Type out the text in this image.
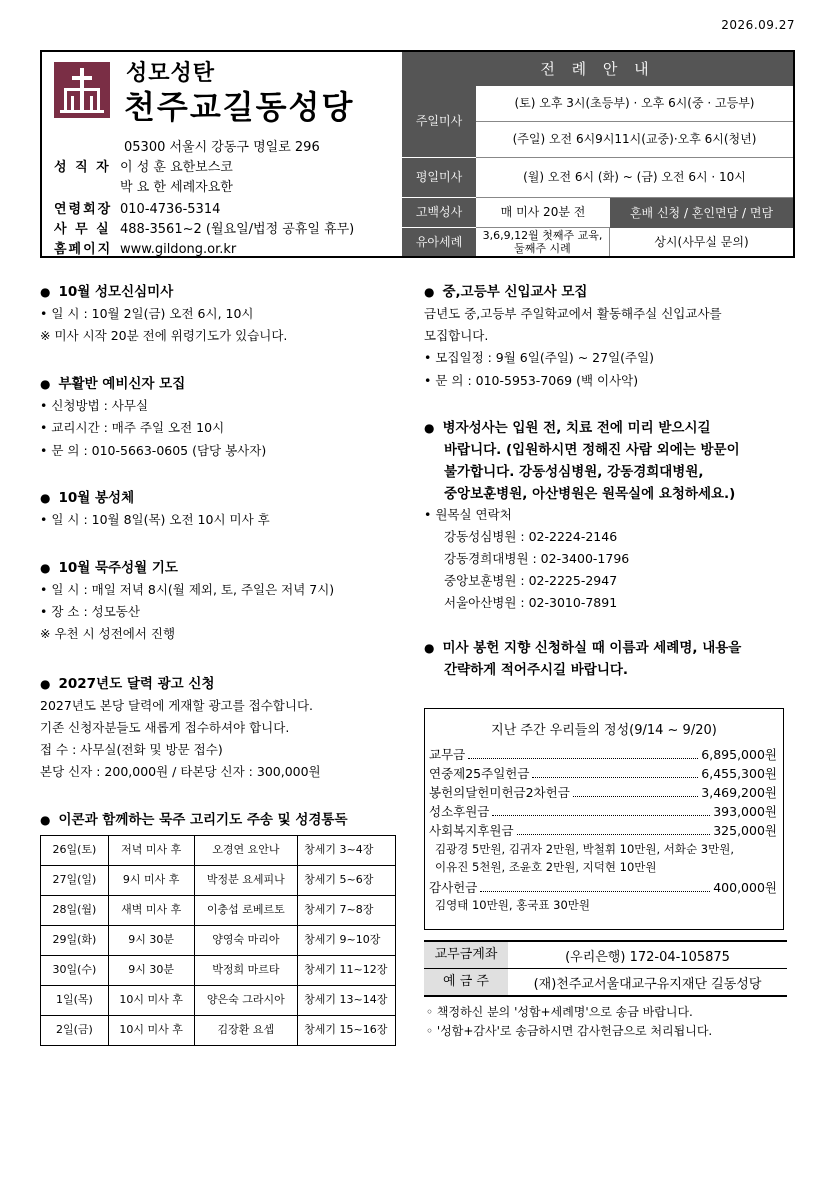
2026.09.27
성모성탄
천주교길동성당
05300 서울시 강동구 명일로 296
성 직 자 이 성 훈 요한보스코
박 요 한 세례자요한
연령회장 010-4736-5314
사 무 실 488-3561~2 (월요일/법정 공휴일 휴무)
홈페이지 www.gildong.or.kr
전 례 안 내
주일미사
(토) 오후 3시(초등부) · 오후 6시(중 · 고등부)
(주일) 오전 6시9시11시(교중)·오후 6시(청년)
평일미사	(월) 오전 6시 (화) ~ (금) 오전 6시 · 10시
고백성사	매 미사 20분 전	혼배 신청 / 혼인면담 / 면담
유아세례	3,6,9,12월 첫째주 교육, 둘째주 시례	상시(사무실 문의)
● 10월 성모신심미사
• 일 시 : 10월 2일(금) 오전 6시, 10시
※ 미사 시작 20분 전에 위령기도가 있습니다.
● 부활반 예비신자 모집
• 신청방법 : 사무실
• 교리시간 : 매주 주일 오전 10시
• 문 의 : 010-5663-0605 (담당 봉사자)
● 10월 봉성체
• 일 시 : 10월 8일(목) 오전 10시 미사 후
● 10월 묵주성월 기도
• 일 시 : 매일 저녁 8시(월 제외, 토, 주일은 저녁 7시)
• 장 소 : 성모동산
※ 우천 시 성전에서 진행
● 2027년도 달력 광고 신청
2027년도 본당 달력에 게재할 광고를 접수합니다.
기존 신청자분들도 새롭게 접수하셔야 합니다.
접 수 : 사무실(전화 및 방문 접수)
본당 신자 : 200,000원 / 타본당 신자 : 300,000원
● 이콘과 함께하는 묵주 고리기도 주송 및 성경통독
26일(토)	저녁 미사 후	오경연 요안나	창세기 3~4장
27일(일)	9시 미사 후	박정분 요세피나	창세기 5~6장
28일(월)	새벽 미사 후	이충섭 로베르토	창세기 7~8장
29일(화)	9시 30분	양영숙 마리아	창세기 9~10장
30일(수)	9시 30분	박정희 마르타	창세기 11~12장
1일(목)	10시 미사 후	양은숙 그라시아	창세기 13~14장
2일(금)	10시 미사 후	김장환 요셉	창세기 15~16장
● 중,고등부 신입교사 모집
금년도 중,고등부 주일학교에서 활동해주실 신입교사를
모집합니다.
• 모집일정 : 9월 6일(주일) ~ 27일(주일)
• 문 의 : 010-5953-7069 (백 이사악)
● 병자성사는 입원 전, 치료 전에 미리 받으시길
바랍니다. (입원하시면 정해진 사람 외에는 방문이
불가합니다. 강동성심병원, 강동경희대병원,
중앙보훈병원, 아산병원은 원목실에 요청하세요.)
• 원목실 연락처
강동성심병원 : 02-2224-2146
강동경희대병원 : 02-3400-1796
중앙보훈병원 : 02-2225-2947
서울아산병원 : 02-3010-7891
● 미사 봉헌 지향 신청하실 때 이름과 세례명, 내용을
간략하게 적어주시길 바랍니다.
지난 주간 우리들의 정성(9/14 ~ 9/20)
교무금	6,895,000원
연중제25주일헌금	6,455,300원
봉헌의달헌미헌금2차헌금	3,469,200원
성소후원금	393,000원
사회복지후원금	325,000원
김광경 5만원, 김귀자 2만원, 박철휘 10만원, 서화순 3만원,
이유진 5천원, 조윤호 2만원, 지덕현 10만원
감사헌금	400,000원
김영태 10만원, 홍국표 30만원
교무금계좌	(우리은행) 172-04-105875
예 금 주	(재)천주교서울대교구유지재단 길동성당
◦ 책정하신 분의 '성함+세례명'으로 송금 바랍니다.
◦ '성함+감사'로 송금하시면 감사헌금으로 처리됩니다.
